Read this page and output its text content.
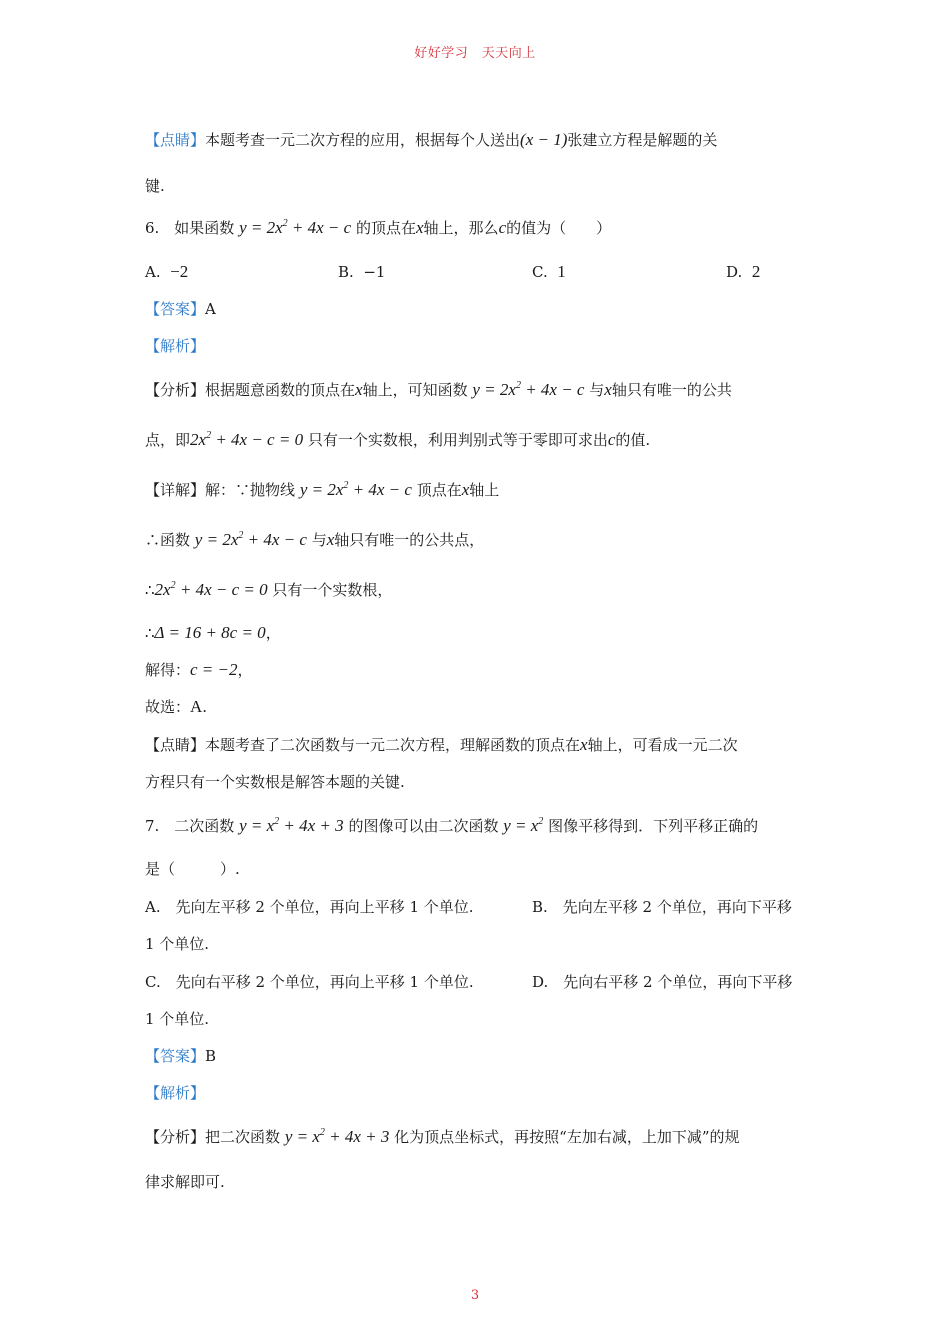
好好学习　天天向上
【点睛】本题考查一元二次方程的应用，根据每个人送出(x − 1)张建立方程是解题的关
键.
6.　如果函数 $y = 2x^2 + 4x - c$ 的顶点在x轴上，那么c的值为（　　）
A. −2	B. −1	C. 1	D. 2
【答案】A
【解析】
【分析】根据题意函数的顶点在x轴上，可知函数 $y = 2x^2 + 4x - c$ 与x轴只有唯一的公共
点，即$2x^2 + 4x - c = 0$ 只有一个实数根，利用判别式等于零即可求出c的值.
【详解】解：∵抛物线 $y = 2x^2 + 4x - c$ 顶点在x轴上
∴函数 $y = 2x^2 + 4x - c$ 与x轴只有唯一的公共点，
$\therefore 2x^2 + 4x - c = 0$ 只有一个实数根，
∴Δ = 16 + 8c = 0，
解得：c = −2，
故选：A.
【点睛】本题考查了二次函数与一元二次方程，理解函数的顶点在x轴上，可看成一元二次
方程只有一个实数根是解答本题的关键.
7.　二次函数 $y = x^2 + 4x + 3$ 的图像可以由二次函数 $y = x^2$ 图像平移得到．下列平移正确的
是（　　　）.
A.　先向左平移 2 个单位，再向上平移 1 个单位.	B.　先向左平移 2 个单位，再向下平移
1 个单位.
C.　先向右平移 2 个单位，再向上平移 1 个单位.	D.　先向右平移 2 个单位，再向下平移
1 个单位.
【答案】B
【解析】
【分析】把二次函数 $y = x^2 + 4x + 3$ 化为顶点坐标式，再按照“左加右减，上加下减”的规
律求解即可.
3
